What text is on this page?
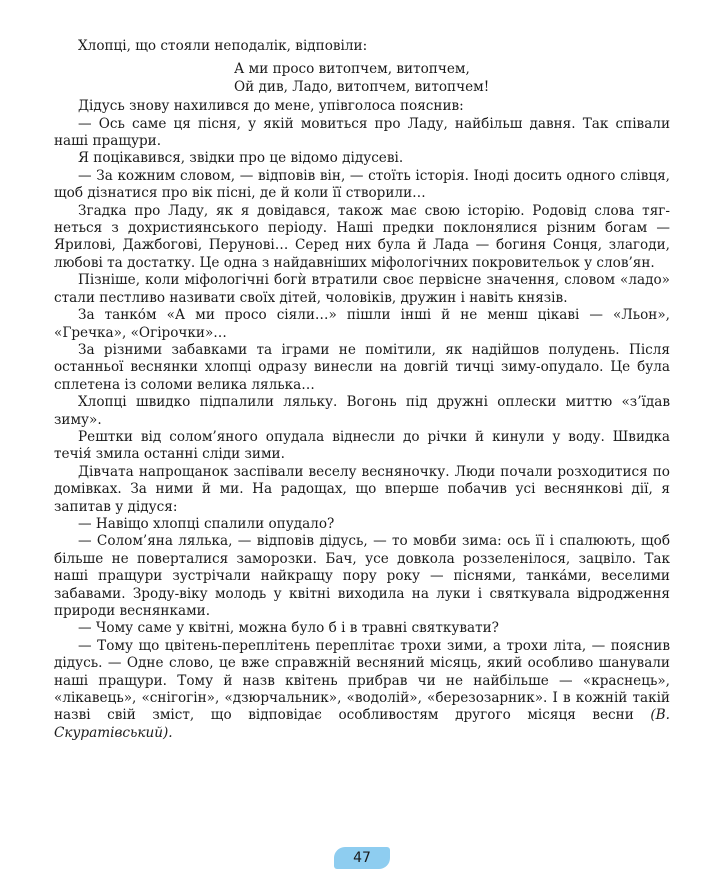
Хлопці, що стояли неподалік, відповіли:

А ми просо витопчем, витопчем,
Ой див, Ладо, витопчем, витопчем!

Дідусь знову нахилився до мене, упівголоса пояснив:

— Ось саме ця пісня, у якій мовиться про Ладу, найбільш давня. Так співали наші пращури.

Я поцікавився, звідки про це відомо дідусеві.

— За кожним словом, — відповів він, — стоїть історія. Іноді досить одного слівця, щоб дізнатися про вік пісні, де й коли її створили…

Згадка про Ладу, як я довідався, також має свою історію. Родовід слова тягнеться з дохристиянського періоду. Наші предки поклонялися різним богам — Ярилові, Дажбогові, Перунові… Серед них була й Лада — богиня Сонця, злагоди, любові та достатку. Це одна з найдавніших міфологічних покровительок у слов’ян.

Пізніше, коли міфологічні богѝ втратили своє первісне значення, словом «ладо» стали пестливо називати своїх дітей, чоловіків, дружин і навіть князів.

За танко́м «А ми просо сіяли…» пішли інші й не менш цікаві — «Льон», «Гречка», «Огірочки»…

За різними забавками та іграми не помітили, як надійшов полудень. Після останньої веснянки хлопці одразу винесли на довгій тичці зиму-опудало. Це була сплетена із соломи велика лялька…

Хлопці швидко підпалили ляльку. Вогонь під дружні оплески миттю «з’їдав зиму».

Рештки від солом’яного опудала віднесли до річки й кинули у воду. Швидка течія́ змила останні сліди зими.

Дівчата напрощанок заспівали веселу весняночку. Люди почали розходитися по домівках. За ними й ми. На радощах, що вперше побачив усі веснянкові дії, я запитав у дідуся:

— Навіщо хлопці спалили опудало?

— Солом’яна лялька, — відповів дідусь, — то мовби зима: ось її і спалюють, щоб більше не поверталися заморозки. Бач, усе довкола роззеленілося, зацвіло. Так наші пращури зустрічали найкращу пору року — піснями, танка́ми, веселими забавами. Зроду-віку молодь у квітні виходила на луки і святкувала відродження природи веснянками.

— Чому саме у квітні, можна було б і в травні святкувати?

— Тому що цвітень-переплітень переплітає трохи зими, а трохи літа, — пояснив дідусь. — Одне слово, це вже справжній весняний місяць, який особливо шанували наші пращури. Тому й назв квітень прибрав чи не найбільше — «краснець», «лікавець», «снігогін», «дзюрчальник», «водолій», «березозарник». І в кожній такій назві свій зміст, що відповідає особливостям другого місяця весни (В. Скуратівський).

47
